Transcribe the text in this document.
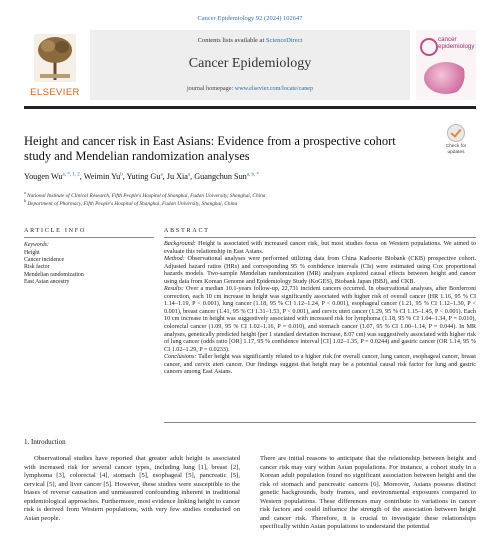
Cancer Epidemiology 92 (2024) 102647
ELSEVIER
Contents lists available at ScienceDirect
Cancer Epidemiology
journal homepage: www.elsevier.com/locate/canep
cancer epidemiology
Height and cancer risk in East Asians: Evidence from a prospective cohort study and Mendelian randomization analyses
Check for updates
Yougen $Wu^{a, *, 1, 2}$, Weimin Yu$^b$, Yuting Gu$^a$, Ju Xia$^a$, Guangchun Sun$^{a, b, *}$
$^a$ National Institute of Clinical Research, Fifth People's Hospital of Shanghai, Fudan University, Shanghai, China
$^b$ Department of Pharmacy, Fifth People's Hospital of Shanghai, Fudan University, Shanghai, China
ARTICLE INFO	ABSTRACT
Keywords:
Height
Cancer incidence
Risk factor
Mendelian randomization
East Asian ancestry

Background: Height is associated with increased cancer risk, but most studies focus on Western populations. We aimed to evaluate this relationship in East Asians.

Method: Observational analyses were performed utilizing data from China Kadoorie Biobank (CKB) prospective cohort. Adjusted hazard ratios (HRs) and corresponding 95 % confidence intervals (CIs) were estimated using Cox proportional hazards models. Two-sample Mendelian randomization (MR) analyses explored causal effects between height and cancer using data from Korean Genome and Epidemiology Study (KoGES), Biobank Japan (BBJ), and CKB.

Results: Over a median 10.1-years follow-up, 22,731 incident cancers occurred. In observational analyses, after Bonferroni correction, each 10 cm increase in height was significantly associated with higher risk of overall cancer (HR 1.16, 95 % CI 1.14–1.19, P < 0.001), lung cancer (1.18, 95 % CI 1.12–1.24, P < 0.001), esophageal cancer (1.21, 95 % CI 1.12–1.30, P < 0.001), breast cancer (1.41, 95 % CI 1.31–1.53, P < 0.001), and cervix uteri cancer (1.29, 95 % CI 1.15–1.45, P < 0.001). Each 10 cm increase in height was suggestively associated with increased risk for lymphoma (1.18, 95 % CI 1.04–1.34, P = 0.010), colorectal cancer (1.09, 95 % CI 1.02–1.16, P = 0.010), and stomach cancer (1.07, 95 % CI 1.00–1.14, P = 0.044). In MR analyses, genetically predicted height (per 1 standard deviation increase, 8.07 cm) was suggestively associated with higher risk of lung cancer (odds ratio [OR] 1.17, 95 % confidence interval [CI] 1.02–1.35, P = 0.0244) and gastric cancer (OR 1.14, 95 % CI 1.02–1.29, P = 0.0233).

Conclusions: Taller height was significantly related to a higher risk for overall cancer, lung cancer, esophageal cancer, breast cancer, and cervix uteri cancer. Our findings suggest that height may be a potential causal risk factor for lung and gastric cancers among East Asians.

1. Introduction
Observational studies have reported that greater adult height is associated with increased risk for several cancer types, including lung [1], breast [2], lymphoma [3], colorectal [4], stomach [5], esophageal [5], pancreatic [5], cervical [5], and liver cancer [5]. However, these studies were susceptible to the biases of reverse causation and unmeasured confounding inherent in traditional epidemiological approaches. Furthermore, most evidence linking height to cancer risk is derived from Western populations, with very few studies conducted on Asian people.
There are initial reasons to anticipate that the relationship between height and cancer risk may vary within Asian populations. For instance, a cohort study in a Korean adult population found no significant association between height and the risk of stomach and pancreatic cancers [6]. Moreover, Asians possess distinct genetic backgrounds, body frames, and environmental exposures compared to Western populations. These differences may contribute to variations in cancer risk factors and could influence the strength of the association between height and cancer risk. Therefore, it is crucial to investigate these relationships specifically within Asian populations to understand the potential
